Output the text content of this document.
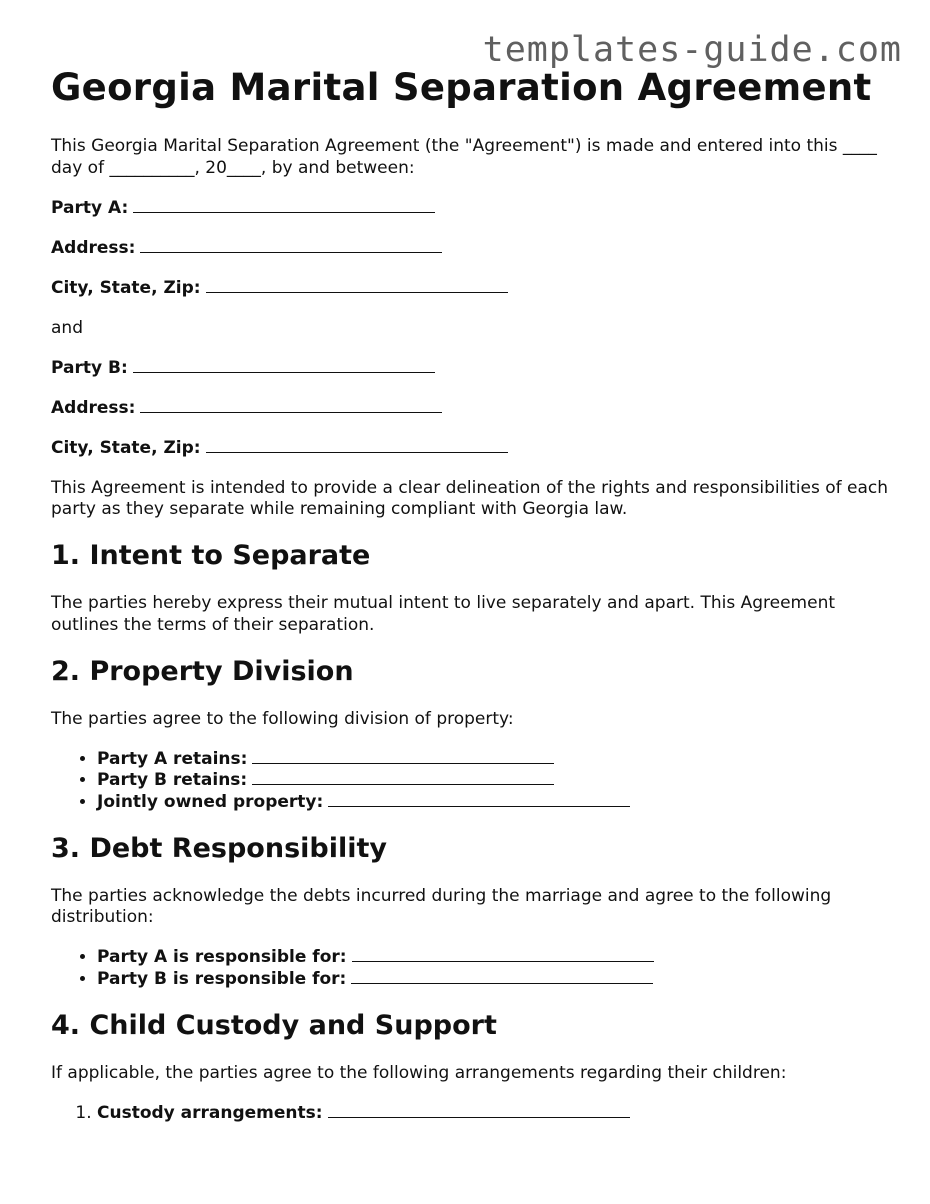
templates-guide.com
Georgia Marital Separation Agreement

This Georgia Marital Separation Agreement (the "Agreement") is made and entered into this ____ day of __________, 20____, by and between:

Party A:
Address:
City, State, Zip:

and

Party B:
Address:
City, State, Zip:

This Agreement is intended to provide a clear delineation of the rights and responsibilities of each party as they separate while remaining compliant with Georgia law.

1. Intent to Separate

The parties hereby express their mutual intent to live separately and apart. This Agreement outlines the terms of their separation.

2. Property Division

The parties agree to the following division of property:

• Party A retains:
• Party B retains:
• Jointly owned property:
3. Debt Responsibility

The parties acknowledge the debts incurred during the marriage and agree to the following distribution:

• Party A is responsible for:
• Party B is responsible for:
4. Child Custody and Support

If applicable, the parties agree to the following arrangements regarding their children:

1. Custody arrangements:
